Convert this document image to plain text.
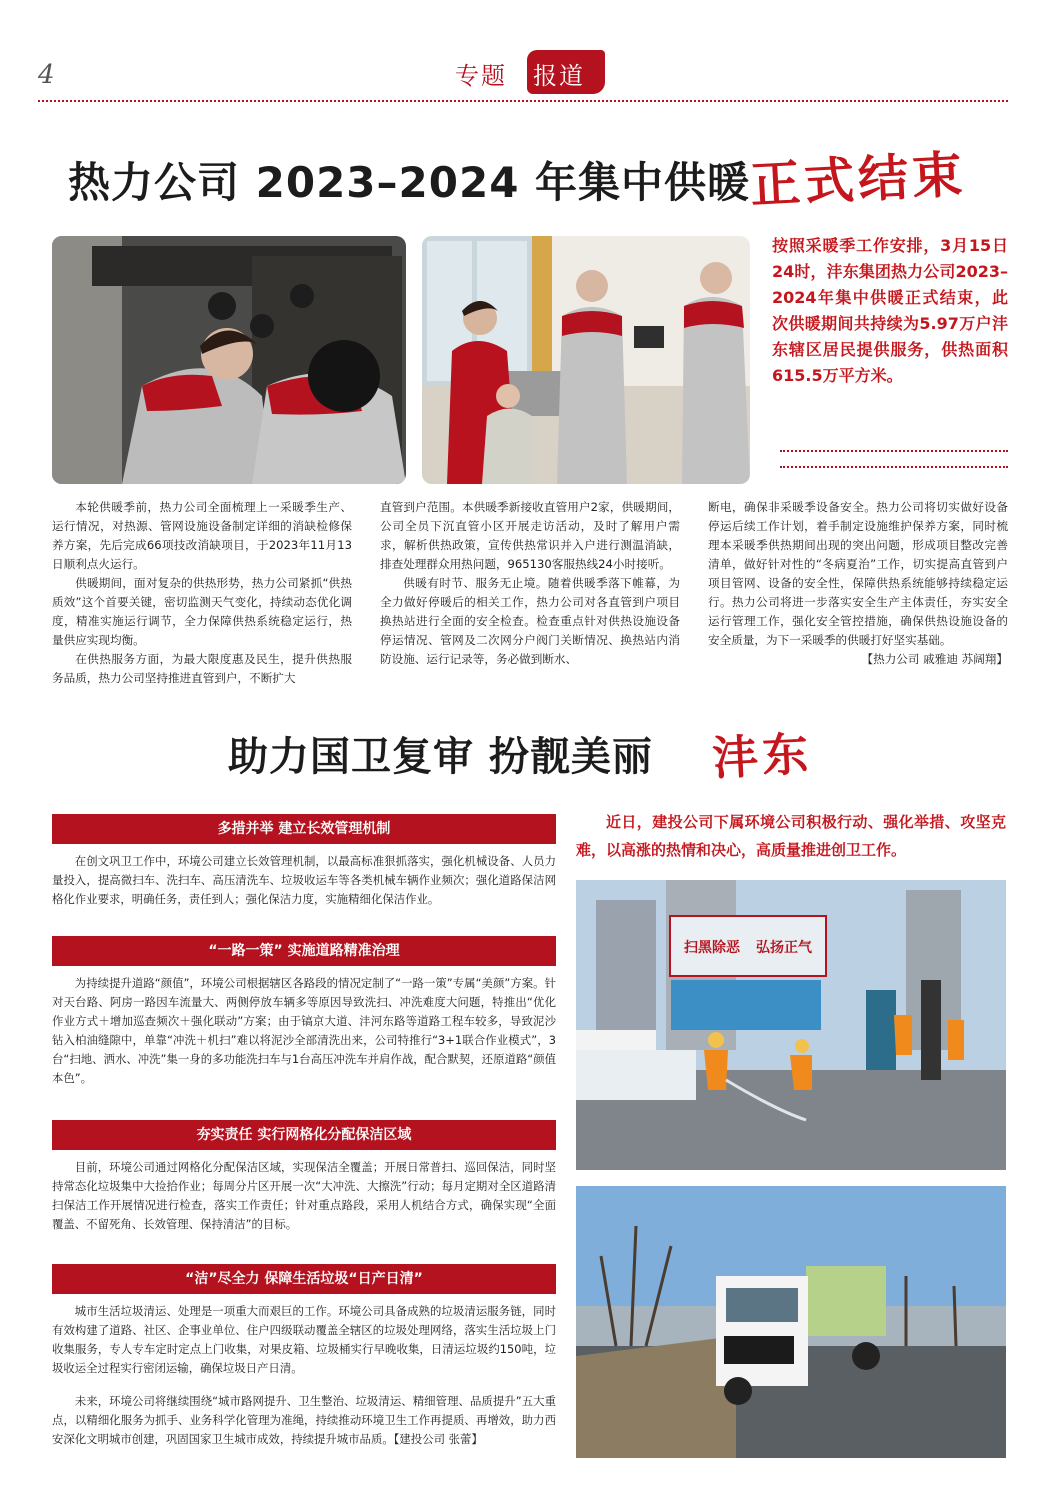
4	专题 报道
热力公司 2023–2024 年集中供暖
正式结束
按照采暖季工作安排，3月15日24时，沣东集团热力公司2023–2024年集中供暖正式结束，此次供暖期间共持续为5.97万户沣东辖区居民提供服务，供热面积615.5万平方米。

本轮供暖季前，热力公司全面梳理上一采暖季生产、运行情况，对热源、管网设施设备制定详细的消缺检修保养方案，先后完成66项技改消缺项目，于2023年11月13日顺利点火运行。

供暖期间，面对复杂的供热形势，热力公司紧抓“供热质效”这个首要关键，密切监测天气变化，持续动态优化调度，精准实施运行调节，全力保障供热系统稳定运行，热量供应实现均衡。

在供热服务方面，为最大限度惠及民生，提升供热服务品质，热力公司坚持推进直管到户，不断扩大

直管到户范围。本供暖季新接收直管用户2家，供暖期间，公司全员下沉直管小区开展走访活动，及时了解用户需求，解析供热政策，宣传供热常识并入户进行测温消缺，排查处理群众用热问题，965130客服热线24小时接听。

供暖有时节、服务无止境。随着供暖季落下帷幕，为全力做好停暖后的相关工作，热力公司对各直管到户项目换热站进行全面的安全检查。检查重点针对供热设施设备停运情况、管网及二次网分户阀门关断情况、换热站内消防设施、运行记录等，务必做到断水、

断电，确保非采暖季设备安全。热力公司将切实做好设备停运后续工作计划，着手制定设施维护保养方案，同时梳理本采暖季供热期间出现的突出问题，形成项目整改完善清单，做好针对性的“冬病夏治”工作，切实提高直管到户项目管网、设备的安全性，保障供热系统能够持续稳定运行。热力公司将进一步落实安全生产主体责任，夯实安全运行管理工作，强化安全管控措施，确保供热设施设备的安全质量，为下一采暖季的供暖打好坚实基础。

【热力公司 戚雅迪 苏阔翔】

助力国卫复审 扮靓美丽 沣东
多措并举 建立长效管理机制

在创文巩卫工作中，环境公司建立长效管理机制，以最高标准狠抓落实，强化机械设备、人员力量投入，提高微扫车、洗扫车、高压清洗车、垃圾收运车等各类机械车辆作业频次；强化道路保洁网格化作业要求，明确任务，责任到人；强化保洁力度，实施精细化保洁作业。

“一路一策” 实施道路精准治理

为持续提升道路“颜值”，环境公司根据辖区各路段的情况定制了“一路一策”专属“美颜”方案。针对天台路、阿房一路因车流量大、两侧停放车辆多等原因导致洗扫、冲洗难度大问题，特推出“优化作业方式＋增加巡查频次＋强化联动”方案；由于镐京大道、沣河东路等道路工程车较多，导致泥沙钻入柏油缝隙中，单靠“冲洗＋机扫”难以将泥沙全部清洗出来，公司特推行“3+1联合作业模式”，3台“扫地、洒水、冲洗”集一身的多功能洗扫车与1台高压冲洗车并肩作战，配合默契，还原道路“颜值本色”。

夯实责任 实行网格化分配保洁区域

目前，环境公司通过网格化分配保洁区域，实现保洁全覆盖；开展日常普扫、巡回保洁，同时坚持常态化垃圾集中大捡拾作业；每周分片区开展一次“大冲洗、大擦洗”行动；每月定期对全区道路清扫保洁工作开展情况进行检查，落实工作责任；针对重点路段，采用人机结合方式，确保实现“全面覆盖、不留死角、长效管理、保持清洁”的目标。

“洁”尽全力 保障生活垃圾“日产日清”

城市生活垃圾清运、处理是一项重大而艰巨的工作。环境公司具备成熟的垃圾清运服务链，同时有效构建了道路、社区、企事业单位、住户四级联动覆盖全辖区的垃圾处理网络，落实生活垃圾上门收集服务，专人专车定时定点上门收集，对果皮箱、垃圾桶实行早晚收集，日清运垃圾约150吨，垃圾收运全过程实行密闭运输，确保垃圾日产日清。

未来，环境公司将继续围绕“城市路网提升、卫生整治、垃圾清运、精细管理、品质提升”五大重点，以精细化服务为抓手、业务科学化管理为准绳，持续推动环境卫生工作再提质、再增效，助力西安深化文明城市创建，巩固国家卫生城市成效，持续提升城市品质。【建投公司 张蕾】

近日，建投公司下属环境公司积极行动、强化举措、攻坚克难，以高涨的热情和决心，高质量推进创卫工作。
扫黑除恶 弘扬正气
